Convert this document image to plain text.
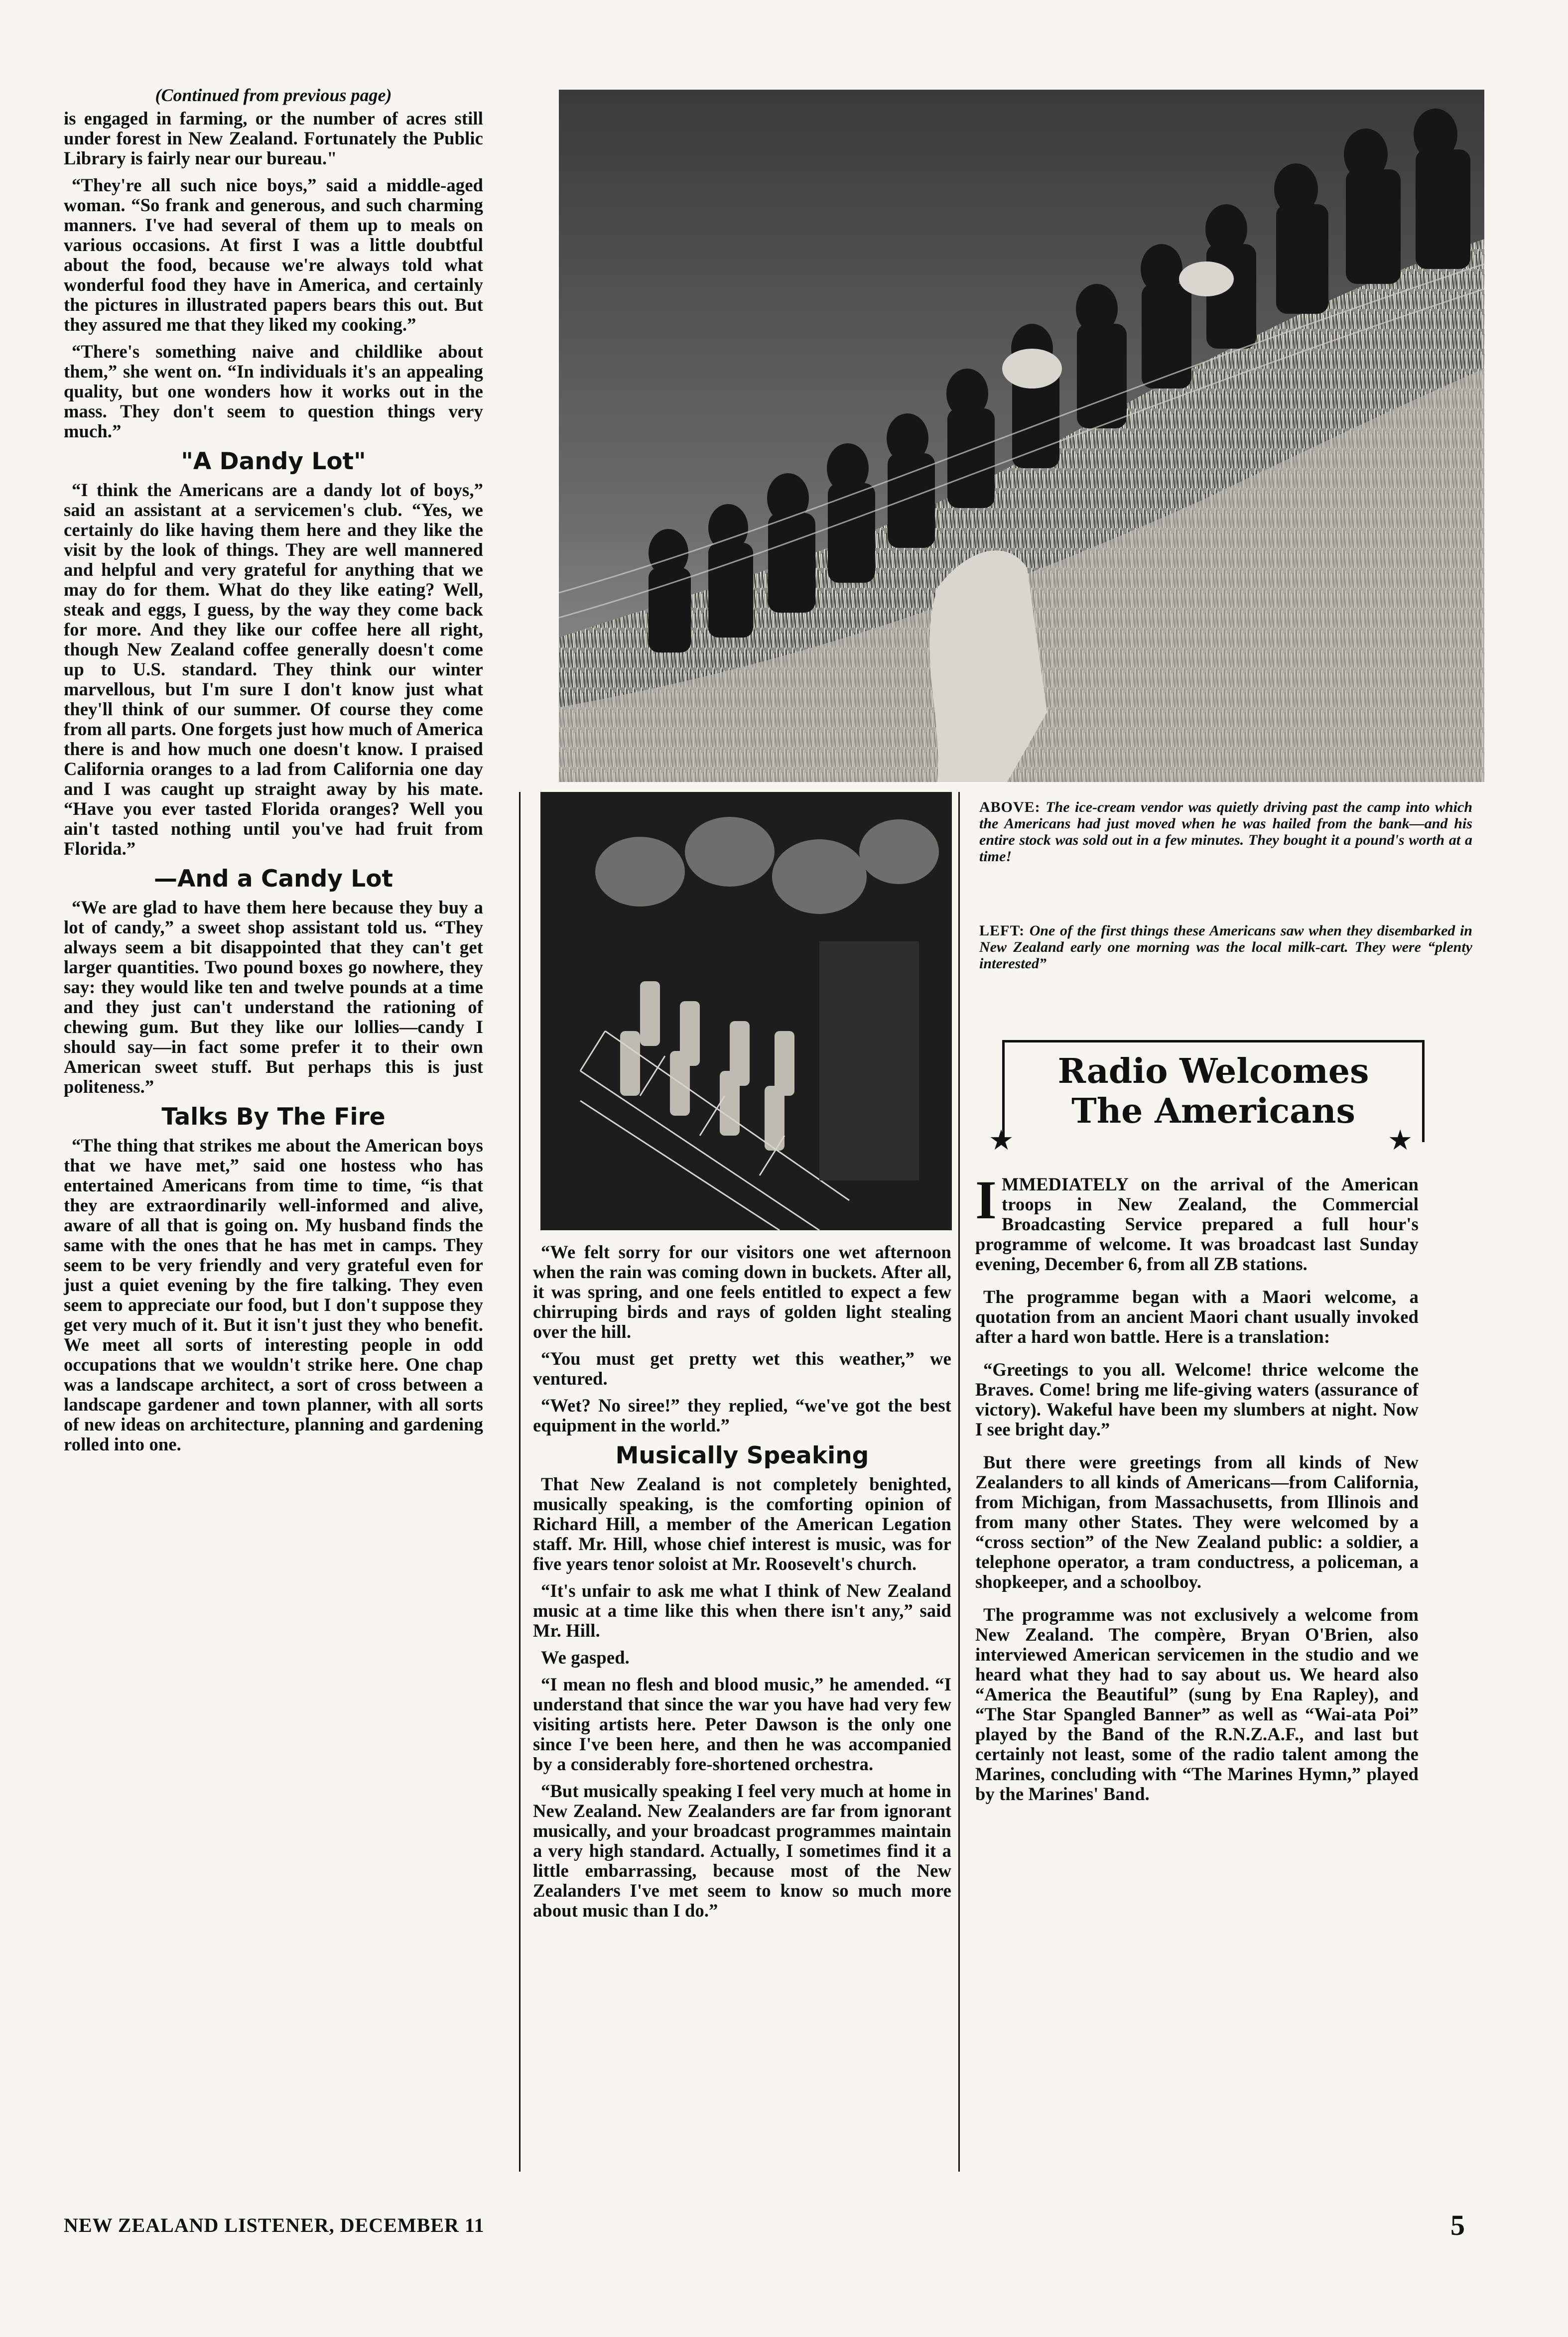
(Continued from previous page)

is engaged in farming, or the number of acres still under forest in New Zealand. Fortunately the Public Library is fairly near our bureau."

“They're all such nice boys,” said a middle-aged woman. “So frank and generous, and such charming manners. I've had several of them up to meals on various occasions. At first I was a little doubtful about the food, because we're always told what wonderful food they have in America, and certainly the pictures in illustrated papers bears this out. But they assured me that they liked my cooking.”

“There's something naive and childlike about them,” she went on. “In individuals it's an appealing quality, but one wonders how it works out in the mass. They don't seem to question things very much.”

"A Dandy Lot"

“I think the Americans are a dandy lot of boys,” said an assistant at a servicemen's club. “Yes, we certainly do like having them here and they like the visit by the look of things. They are well mannered and helpful and very grateful for anything that we may do for them. What do they like eating? Well, steak and eggs, I guess, by the way they come back for more. And they like our coffee here all right, though New Zealand coffee generally doesn't come up to U.S. standard. They think our winter marvellous, but I'm sure I don't know just what they'll think of our summer. Of course they come from all parts. One forgets just how much of America there is and how much one doesn't know. I praised California oranges to a lad from California one day and I was caught up straight away by his mate. “Have you ever tasted Florida oranges? Well you ain't tasted nothing until you've had fruit from Florida.”

—And a Candy Lot

“We are glad to have them here because they buy a lot of candy,” a sweet shop assistant told us. “They always seem a bit disappointed that they can't get larger quantities. Two pound boxes go nowhere, they say: they would like ten and twelve pounds at a time and they just can't understand the rationing of chewing gum. But they like our lollies—candy I should say—in fact some prefer it to their own American sweet stuff. But perhaps this is just politeness.”

Talks By The Fire

“The thing that strikes me about the American boys that we have met,” said one hostess who has entertained Americans from time to time, “is that they are extraordinarily well-informed and alive, aware of all that is going on. My husband finds the same with the ones that he has met in camps. They seem to be very friendly and very grateful even for just a quiet evening by the fire talking. They even seem to appreciate our food, but I don't suppose they get very much of it. But it isn't just they who benefit. We meet all sorts of interesting people in odd occupations that we wouldn't strike here. One chap was a landscape architect, a sort of cross between a landscape gardener and town planner, with all sorts of new ideas on architecture, planning and gardening rolled into one.

ABOVE: The ice-cream vendor was quietly driving past the camp into which the Americans had just moved when he was hailed from the bank—and his entire stock was sold out in a few minutes. They bought it a pound's worth at a time!
LEFT: One of the first things these Americans saw when they disembarked in New Zealand early one morning was the local milk-cart. They were “plenty interested”

“We felt sorry for our visitors one wet afternoon when the rain was coming down in buckets. After all, it was spring, and one feels entitled to expect a few chirruping birds and rays of golden light stealing over the hill.

“You must get pretty wet this weather,” we ventured.

“Wet? No siree!” they replied, “we've got the best equipment in the world.”

Musically Speaking

That New Zealand is not completely benighted, musically speaking, is the comforting opinion of Richard Hill, a member of the American Legation staff. Mr. Hill, whose chief interest is music, was for five years tenor soloist at Mr. Roosevelt's church.

“It's unfair to ask me what I think of New Zealand music at a time like this when there isn't any,” said Mr. Hill.

We gasped.

“I mean no flesh and blood music,” he amended. “I understand that since the war you have had very few visiting artists here. Peter Dawson is the only one since I've been here, and then he was accompanied by a considerably fore-shortened orchestra.

“But musically speaking I feel very much at home in New Zealand. New Zealanders are far from ignorant musically, and your broadcast programmes maintain a very high standard. Actually, I sometimes find it a little embarrassing, because most of the New Zealanders I've met seem to know so much more about music than I do.”

Radio Welcomes
The Americans
★	★

I MMEDIATELY on the arrival of the American troops in New Zealand, the Commercial Broadcasting Service prepared a full hour's programme of welcome. It was broadcast last Sunday evening, December 6, from all ZB stations.

The programme began with a Maori welcome, a quotation from an ancient Maori chant usually invoked after a hard won battle. Here is a translation:

“Greetings to you all. Welcome! thrice welcome the Braves. Come! bring me life-giving waters (assurance of victory). Wakeful have been my slumbers at night. Now I see bright day.”

But there were greetings from all kinds of New Zealanders to all kinds of Americans—from California, from Michigan, from Massachusetts, from Illinois and from many other States. They were welcomed by a “cross section” of the New Zealand public: a soldier, a telephone operator, a tram conductress, a policeman, a shopkeeper, and a schoolboy.

The programme was not exclusively a welcome from New Zealand. The compère, Bryan O'Brien, also interviewed American servicemen in the studio and we heard what they had to say about us. We heard also “America the Beautiful” (sung by Ena Rapley), and “The Star Spangled Banner” as well as “Wai-ata Poi” played by the Band of the R.N.Z.A.F., and last but certainly not least, some of the radio talent among the Marines, concluding with “The Marines Hymn,” played by the Marines' Band.

NEW ZEALAND LISTENER, DECEMBER 11	5
